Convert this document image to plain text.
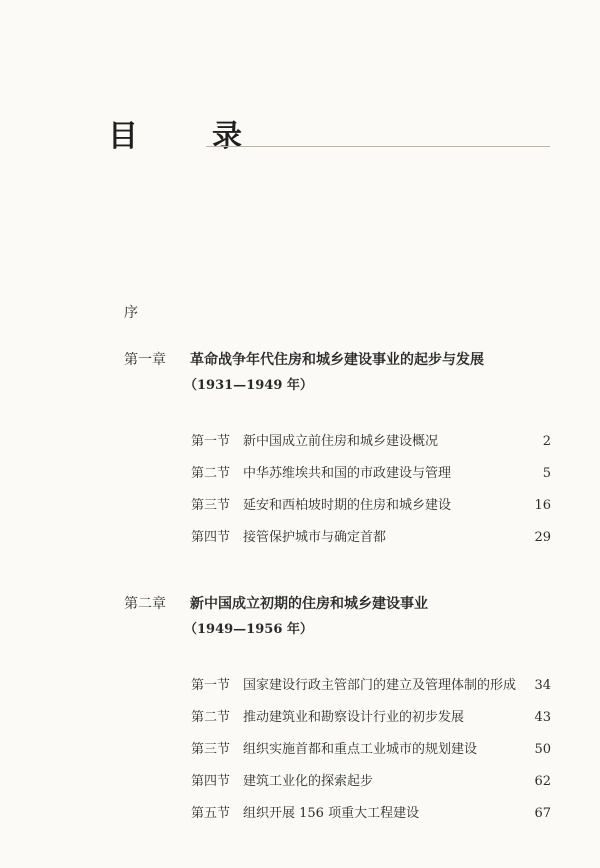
目　录
序
第一章 革命战争年代住房和城乡建设事业的起步与发展
（1931—1949 年）
第一节 新中国成立前住房和城乡建设概况	2
第二节 中华苏维埃共和国的市政建设与管理	5
第三节 延安和西柏坡时期的住房和城乡建设	16
第四节 接管保护城市与确定首都	29
第二章 新中国成立初期的住房和城乡建设事业
（1949—1956 年）
第一节 国家建设行政主管部门的建立及管理体制的形成 34
第二节 推动建筑业和勘察设计行业的初步发展	43
第三节 组织实施首都和重点工业城市的规划建设	50
第四节 建筑工业化的探索起步	62
第五节 组织开展 156 项重大工程建设	67
